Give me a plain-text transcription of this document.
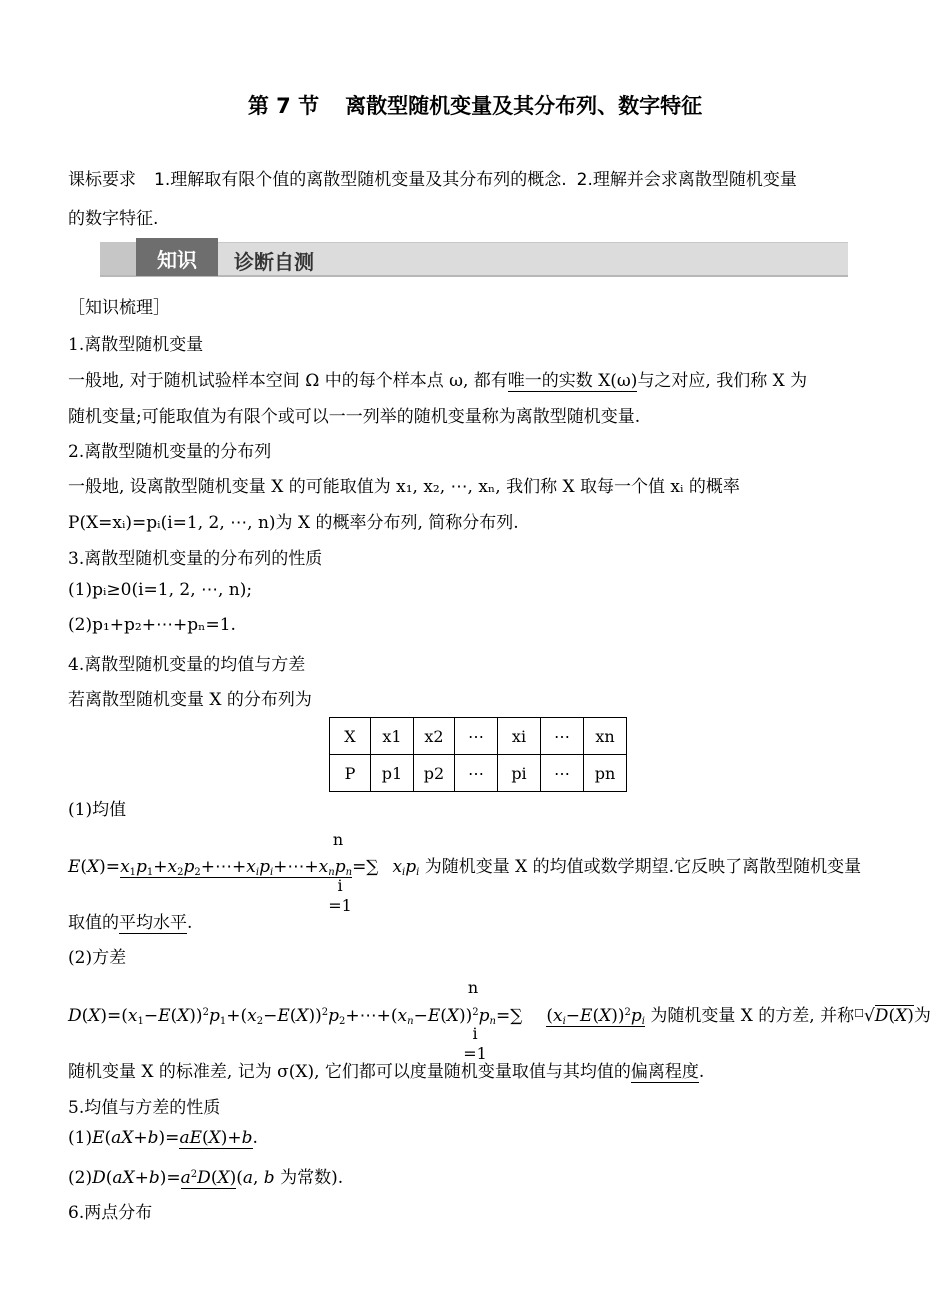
第 7 节 离散型随机变量及其分布列、数字特征
课标要求 1.理解取有限个值的离散型随机变量及其分布列的概念. 2.理解并会求离散型随机变量
的数字特征.
知识	诊断自测
［知识梳理］
1.离散型随机变量
一般地, 对于随机试验样本空间 Ω 中的每个样本点 ω, 都有唯一的实数 X(ω)与之对应, 我们称 X 为
随机变量;可能取值为有限个或可以一一列举的随机变量称为离散型随机变量.
2.离散型随机变量的分布列
一般地, 设离散型随机变量 X 的可能取值为 x₁, x₂, ⋯, xₙ, 我们称 X 取每一个值 xᵢ 的概率
P(X=xᵢ)=pᵢ(i=1, 2, ⋯, n)为 X 的概率分布列, 简称分布列.
3.离散型随机变量的分布列的性质
(1)pᵢ≥0(i=1, 2, ⋯, n);
(2)p₁+p₂+⋯+pₙ=1.
4.离散型随机变量的均值与方差
若离散型随机变量 X 的分布列为
X	x1	x2	⋯	xi	⋯	xn
P	p1	p2	⋯	pi	⋯	pn
(1)均值
n
i =1
$E(X)=x_1p_1+x_2p_2+\cdots+x_ip_i+\cdots+x_np_n=\sum$ $x_ip_i$ 为随机变量 X 的均值或数学期望.它反映了离散型随机变量
取值的平均水平.
(2)方差
n
i =1
$D(X)=(x_1-E(X))^2p_1+(x_2-E(X))^2p_2+\cdots+(x_n-E(X))^2p_n=\sum$ $(x_i-E(X))^2p_i$ 为随机变量 X 的方差, 并称☐√D(X)为
随机变量 X 的标准差, 记为 σ(X), 它们都可以度量随机变量取值与其均值的偏离程度.
5.均值与方差的性质
(1)E(aX+b)=aE(X)+b.
$(2)D(aX+b)=a^2D(X)(a$, b 为常数).
6.两点分布
